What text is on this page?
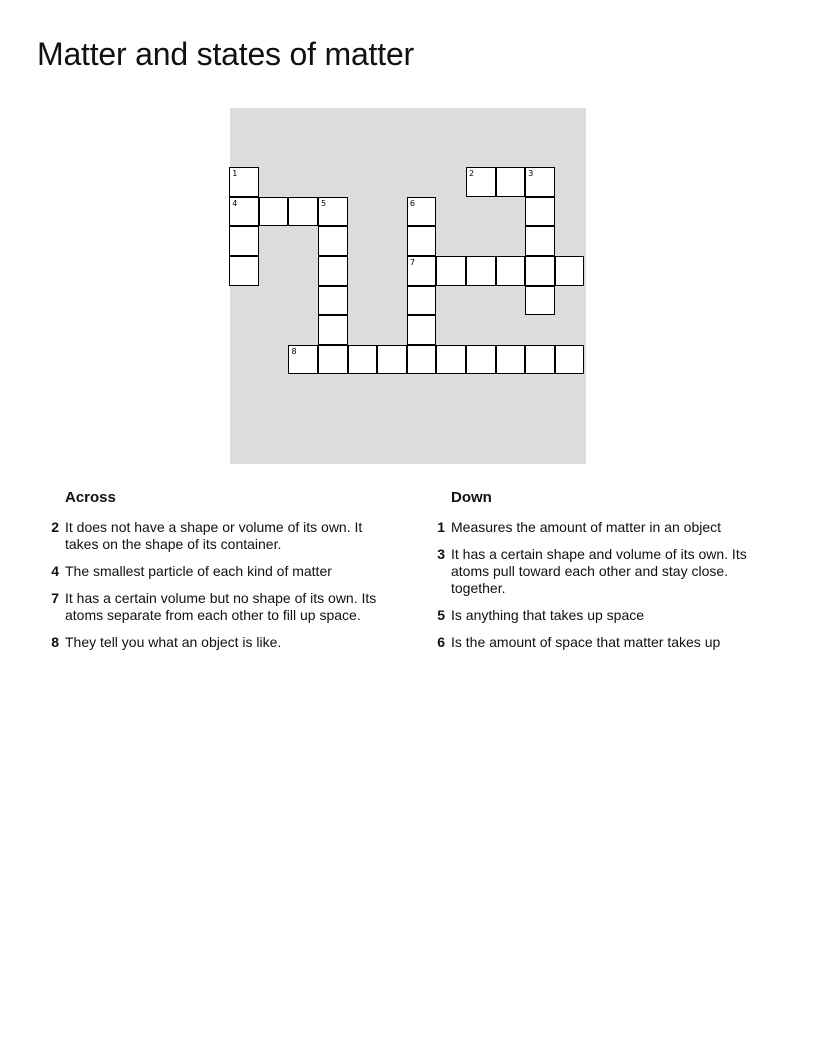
Matter and states of matter
1	2	3
4	5	6
7
8
Across
2 It does not have a shape or volume of its own. It takes on the shape of its container.
4 The smallest particle of each kind of matter
7 It has a certain volume but no shape of its own. Its atoms separate from each other to fill up space.
8 They tell you what an object is like.
Down
1 Measures the amount of matter in an object
3 It has a certain shape and volume of its own. Its atoms pull toward each other and stay close. together.
5 Is anything that takes up space
6 Is the amount of space that matter takes up
